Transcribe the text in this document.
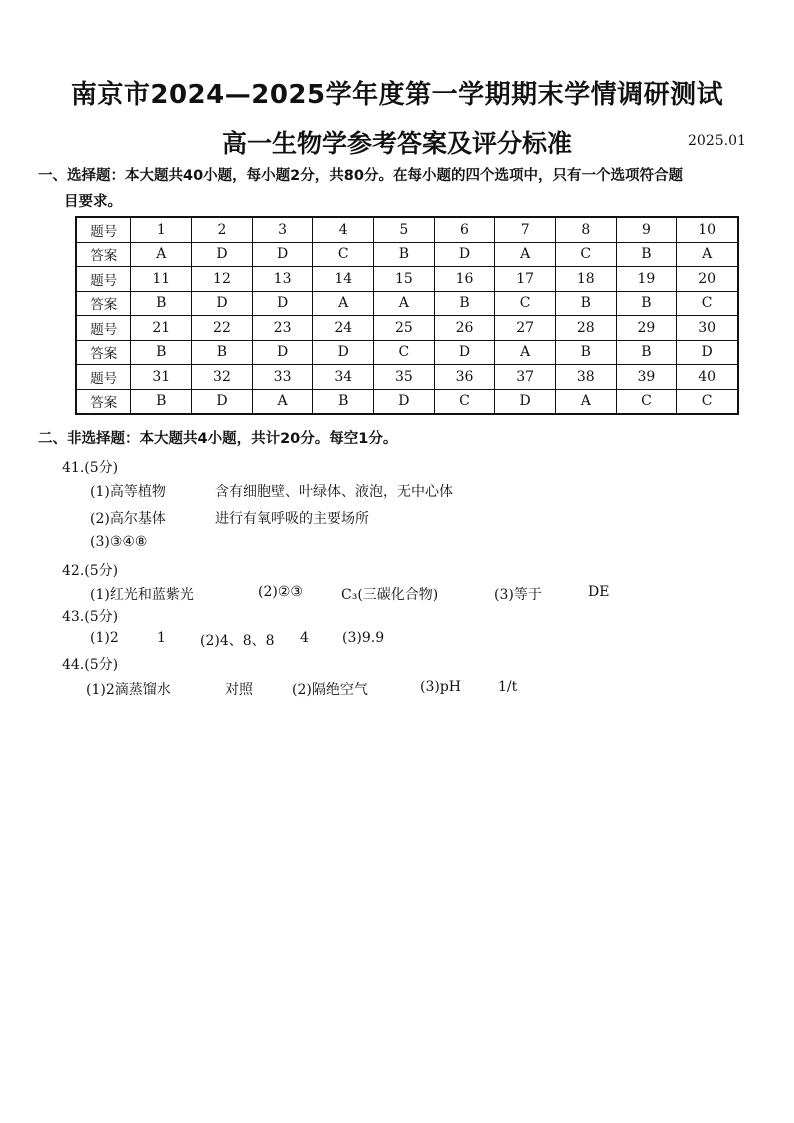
南京市2024—2025学年度第一学期期末学情调研测试
高一生物学参考答案及评分标准	2025.01
一、选择题：本大题共40小题，每小题2分，共80分。在每小题的四个选项中，只有一个选项符合题
目要求。
题号	1	2	3	4	5	6	7	8	9	10
答案	A	D	D	C	B	D	A	C	B	A
题号	11	12	13	14	15	16	17	18	19	20
答案	B	D	D	A	A	B	C	B	B	C
题号	21	22	23	24	25	26	27	28	29	30
答案	B	B	D	D	C	D	A	B	B	D
题号	31	32	33	34	35	36	37	38	39	40
答案	B	D	A	B	D	C	D	A	C	C
二、非选择题：本大题共4小题，共计20分。每空1分。
41.(5分)
(1)高等植物	含有细胞壁、叶绿体、液泡，无中心体
(2)高尔基体	进行有氧呼吸的主要场所
(3)③④⑧
42.(5分)
(1)红光和蓝紫光	(2)②③	C₃(三碳化合物)	(3)等于	DE
43.(5分)
(1)2	1 (2)4、8、8 4 (3)9.9
44.(5分)
(1)2滴蒸馏水	对照	(2)隔绝空气	(3)pH	1/t
